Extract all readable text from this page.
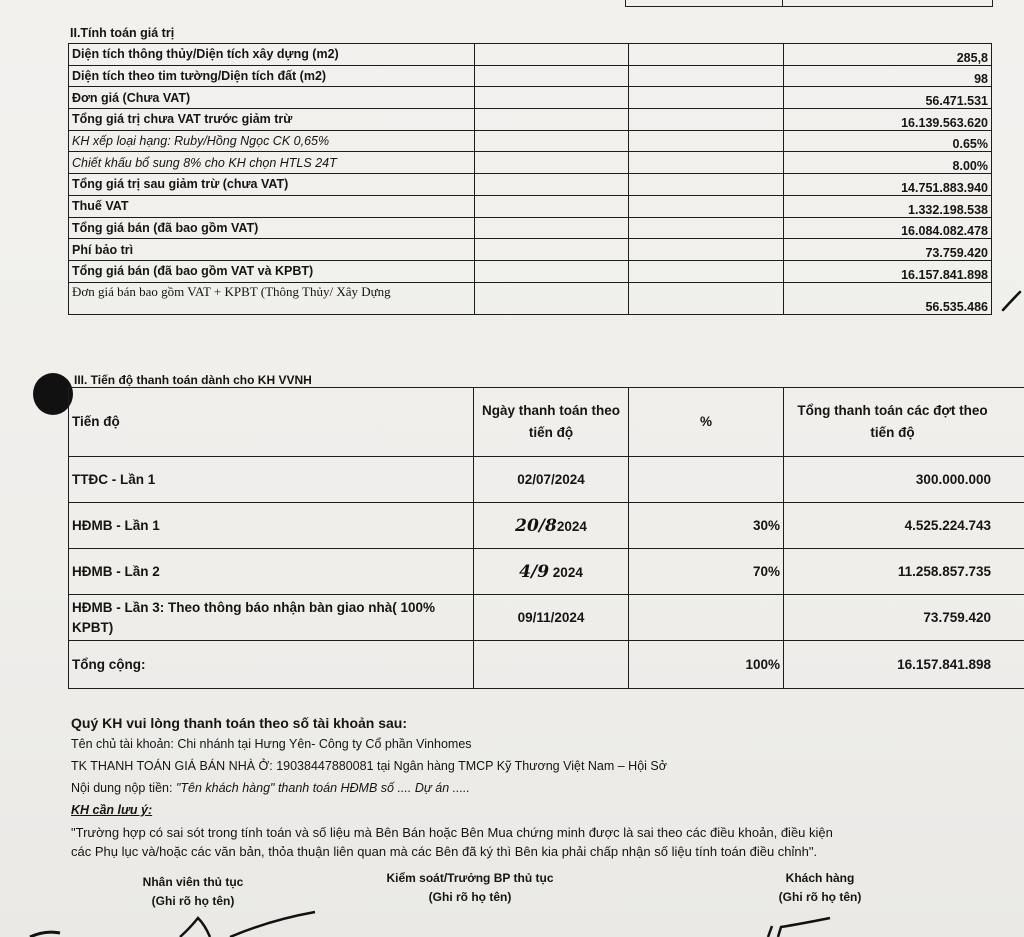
II.Tính toán giá trị
Diện tích thông thủy/Diện tích xây dựng (m2)			285,8
Diện tích theo tim tường/Diện tích đất (m2)			98
Đơn giá (Chưa VAT)			56.471.531
Tổng giá trị chưa VAT trước giảm trừ			16.139.563.620
KH xếp loại hạng: Ruby/Hồng Ngọc CK 0,65%			0.65%
Chiết khấu bổ sung 8% cho KH chọn HTLS 24T			8.00%
Tổng giá trị sau giảm trừ (chưa VAT)			14.751.883.940
Thuế VAT			1.332.198.538
Tổng giá bán (đã bao gồm VAT)			16.084.082.478
Phí bảo trì			73.759.420
Tổng giá bán (đã bao gồm VAT và KPBT)			16.157.841.898
Đơn giá bán bao gồm VAT + KPBT (Thông Thủy/ Xây Dựng			56.535.486
III. Tiến độ thanh toán dành cho KH VVNH
Tiến độ	Ngày thanh toán theo tiến độ	%	Tổng thanh toán các đợt theo tiến độ
TTĐC - Lần 1	02/07/2024		300.000.000
HĐMB - Lần 1	20/82024	30%	4.525.224.743
HĐMB - Lần 2	4/9 2024	70%	11.258.857.735
HĐMB - Lần 3: Theo thông báo nhận bàn giao nhà( 100% KPBT)	09/11/2024		73.759.420
Tổng cộng:		100%	16.157.841.898
Quý KH vui lòng thanh toán theo số tài khoản sau:
Tên chủ tài khoản: Chi nhánh tại Hưng Yên- Công ty Cổ phần Vinhomes
TK THANH TOÁN GIÁ BÁN NHÀ Ở: 19038447880081 tại Ngân hàng TMCP Kỹ Thương Việt Nam – Hội Sở
Nội dung nộp tiền: "Tên khách hàng" thanh toán HĐMB số .... Dự án .....
KH cần lưu ý:
"Trường hợp có sai sót trong tính toán và số liệu mà Bên Bán hoặc Bên Mua chứng minh được là sai theo các điều khoản, điều kiện
các Phụ lục và/hoặc các văn bản, thỏa thuận liên quan mà các Bên đã ký thì Bên kia phải chấp nhận số liệu tính toán điều chỉnh".
Nhân viên thủ tục
(Ghi rõ họ tên)
Kiểm soát/Trưởng BP thủ tục
(Ghi rõ họ tên)
Khách hàng
(Ghi rõ họ tên)
